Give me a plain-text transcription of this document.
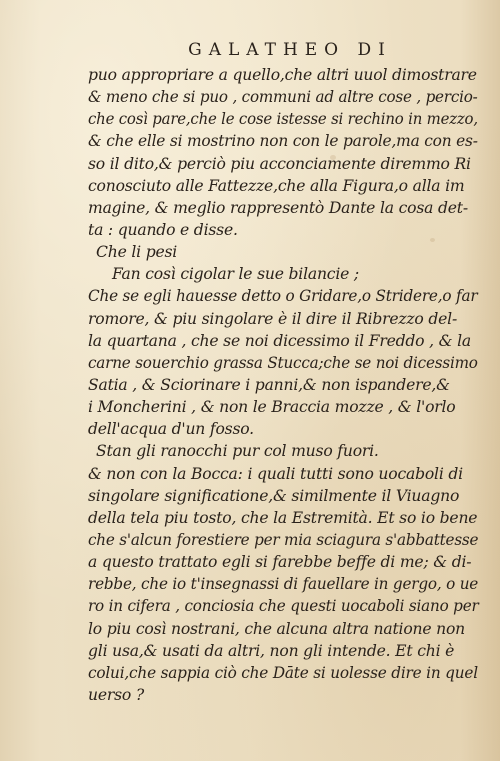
GALATHEO DI
puo appropriare a quello,che altri uuol dimostrare
& meno che si puo , communi ad altre cose , percio-
che così pare,che le cose istesse si rechino in mezzo,
& che elle si mostrino non con le parole,ma con es-
so il dito,& perciò piu acconciamente diremmo Ri
conosciuto alle Fattezze,che alla Figura,o alla im
magine, & meglio rappresentò Dante la cosa det-
ta : quando e disse.
Che li pesi
Fan così cigolar le sue bilancie ;
Che se egli hauesse detto o Gridare,o Stridere,o far
romore, & piu singolare è il dire il Ribrezzo del-
la quartana , che se noi dicessimo il Freddo , & la
carne souerchio grassa Stucca;che se noi dicessimo
Satia , & Sciorinare i panni,& non ispandere,&
i Moncherini , & non le Braccia mozze , & l'orlo
dell'acqua d'un fosso.
Stan gli ranocchi pur col muso fuori.
& non con la Bocca: i quali tutti sono uocaboli di
singolare significatione,& similmente il Viuagno
della tela piu tosto, che la Estremità. Et so io bene
che s'alcun forestiere per mia sciagura s'abbattesse
a questo trattato egli si farebbe beffe di me; & di-
rebbe, che io t'insegnassi di fauellare in gergo, o ue
ro in cifera , conciosia che questi uocaboli siano per
lo piu così nostrani, che alcuna altra natione non
gli usa,& usati da altri, non gli intende. Et chi è
colui,che sappia ciò che Dāte si uolesse dire in quel
uerso ?
